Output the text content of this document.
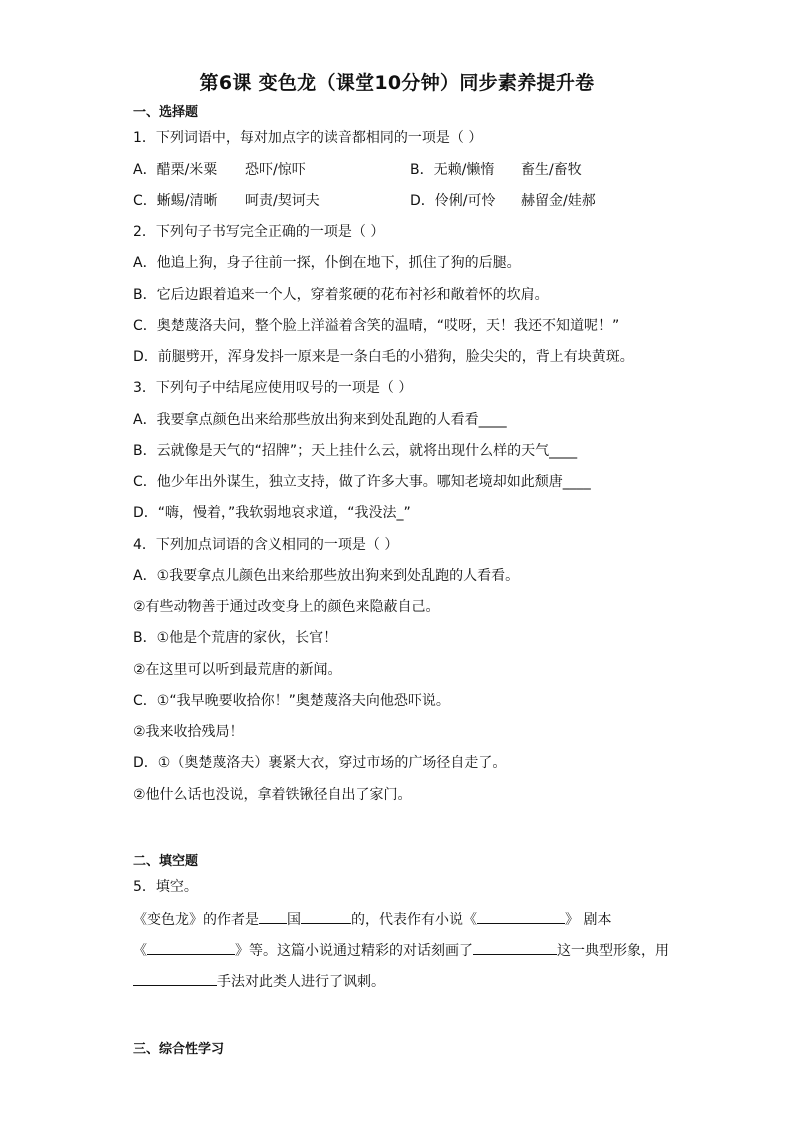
第6课 变色龙（课堂10分钟）同步素养提升卷
一、选择题
1．下列词语中，每对加点字的读音都相同的一项是（ ）
A．醋栗/米粟 恐吓/惊吓	B．无赖/懒惰 畜生/畜牧
C．蜥蜴/清晰 呵责/契诃夫	D．伶俐/可怜 赫留金/娃郝
2．下列句子书写完全正确的一项是（ ）
A．他追上狗，身子往前一探，仆倒在地下，抓住了狗的后腿。
B．它后边跟着追来一个人，穿着浆硬的花布衬衫和敞着怀的坎肩。
C．奥楚蔑洛夫问，整个脸上洋溢着含笑的温晴，“哎呀，天！我还不知道呢！”
D．前腿劈开，浑身发抖一原来是一条白毛的小猎狗，脸尖尖的，背上有块黄斑。
3．下列句子中结尾应使用叹号的一项是（ ）
A．我要拿点颜色出来给那些放出狗来到处乱跑的人看看____
B．云就像是天气的“招牌”；天上挂什么云，就将出现什么样的天气____
C．他少年出外谋生，独立支持，做了许多大事。哪知老境却如此颓唐____
D．“嗨，慢着，”我软弱地哀求道，“我没法_”
4．下列加点词语的含义相同的一项是（ ）
A．①我要拿点儿颜色出来给那些放出狗来到处乱跑的人看看。
②有些动物善于通过改变身上的颜色来隐蔽自己。
B．①他是个荒唐的家伙，长官！
②在这里可以听到最荒唐的新闻。
C．①“我早晚要收拾你！”奥楚蔑洛夫向他恐吓说。
②我来收拾残局！
D．①（奥楚蔑洛夫）裹紧大衣，穿过市场的广场径自走了。
②他什么话也没说，拿着铁锹径自出了家门。
二、填空题
5．填空。
《变色龙》的作者是 国	的，代表作有小说《	》 剧本
《	》等。这篇小说通过精彩的对话刻画了	这一典型形象，用
手法对此类人进行了讽刺。
三、综合性学习
